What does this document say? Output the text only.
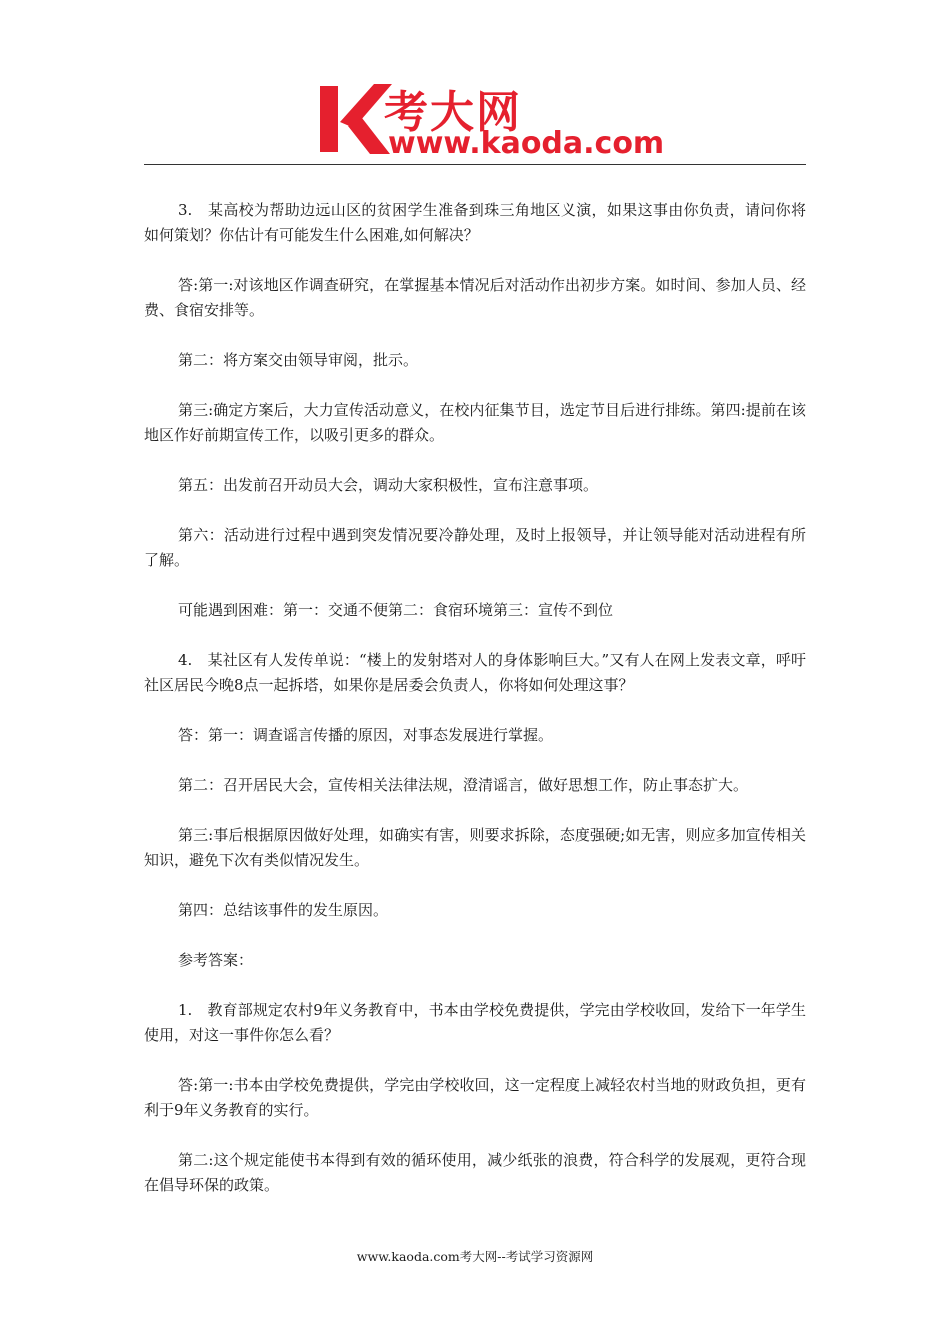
考大网
www.kaoda.com

3.　某高校为帮助边远山区的贫困学生准备到珠三角地区义演，如果这事由你负责，请问你将如何策划？你估计有可能发生什么困难,如何解决？

答:第一:对该地区作调查研究，在掌握基本情况后对活动作出初步方案。如时间、参加人员、经费、食宿安排等。

第二：将方案交由领导审阅，批示。

第三:确定方案后，大力宣传活动意义，在校内征集节目，选定节目后进行排练。第四:提前在该地区作好前期宣传工作，以吸引更多的群众。

第五：出发前召开动员大会，调动大家积极性，宣布注意事项。

第六：活动进行过程中遇到突发情况要冷静处理，及时上报领导，并让领导能对活动进程有所了解。

可能遇到困难：第一：交通不便第二：食宿环境第三：宣传不到位

4.　某社区有人发传单说：“楼上的发射塔对人的身体影响巨大。”又有人在网上发表文章，呼吁社区居民今晚8点一起拆塔，如果你是居委会负责人，你将如何处理这事？

答：第一：调查谣言传播的原因，对事态发展进行掌握。

第二：召开居民大会，宣传相关法律法规，澄清谣言，做好思想工作，防止事态扩大。

第三:事后根据原因做好处理，如确实有害，则要求拆除，态度强硬;如无害，则应多加宣传相关知识，避免下次有类似情况发生。

第四：总结该事件的发生原因。

参考答案：

1.　教育部规定农村9年义务教育中，书本由学校免费提供，学完由学校收回，发给下一年学生使用，对这一事件你怎么看？

答:第一:书本由学校免费提供，学完由学校收回，这一定程度上减轻农村当地的财政负担，更有利于9年义务教育的实行。

第二:这个规定能使书本得到有效的循环使用，减少纸张的浪费，符合科学的发展观，更符合现在倡导环保的政策。

www.kaoda.com考大网--考试学习资源网
